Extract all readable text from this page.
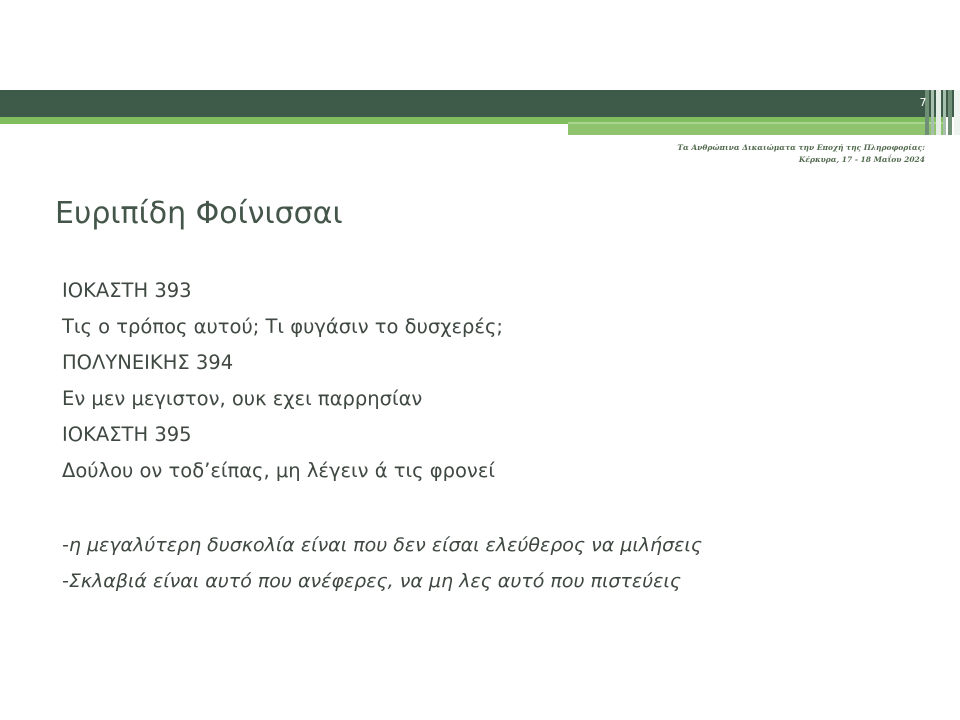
7
Τα Ανθρώπινα Δικαιώματα την Εποχή της Πληροφορίας:
Κέρκυρα, 17 - 18 Μαΐου 2024
Ευριπίδη Φοίνισσαι
ΙΟΚΑΣΤΗ 393
Τις ο τρόπος αυτού; Τι φυγάσιν το δυσχερές;
ΠΟΛΥΝΕΙΚΗΣ 394
Εν μεν μεγιστον, ουκ εχει παρρησίαν
ΙΟΚΑΣΤΗ 395
Δούλου ον τοδ’είπας, μη λέγειν ά τις φρονεί
-η μεγαλύτερη δυσκολία είναι που δεν είσαι ελεύθερος να μιλήσεις
-Σκλαβιά είναι αυτό που ανέφερες, να μη λες αυτό που πιστεύεις
